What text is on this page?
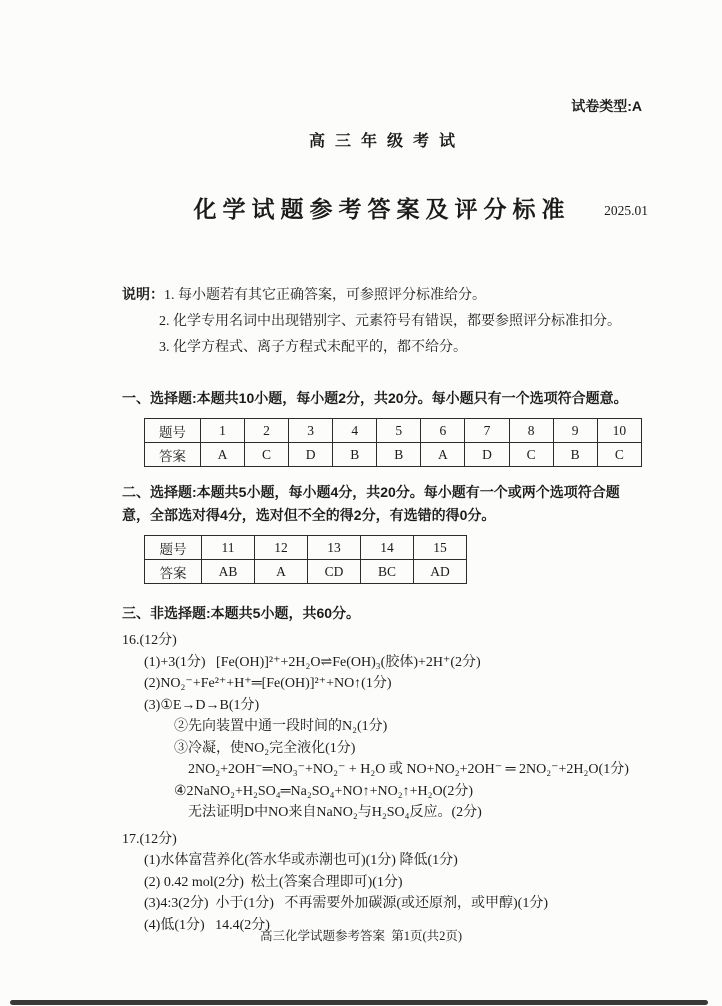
试卷类型:A
高三年级考试
化学试题参考答案及评分标准 2025.01
说明：1. 每小题若有其它正确答案，可参照评分标准给分。
2. 化学专用名词中出现错别字、元素符号有错误，都要参照评分标准扣分。
3. 化学方程式、离子方程式未配平的，都不给分。
一、选择题:本题共10小题，每小题2分，共20分。每小题只有一个选项符合题意。
题号	1	2	3	4	5	6	7	8	9	10
答案	A	C	D	B	B	A	D	C	B	C
二、选择题:本题共5小题，每小题4分，共20分。每小题有一个或两个选项符合题意，全部选对得4分，选对但不全的得2分，有选错的得0分。
题号	11	12	13	14	15
答案	AB	A	CD	BC	AD
三、非选择题:本题共5小题，共60分。
16.(12分)
(1)+3(1分)   [Fe(OH)]²⁺+2H₂O⇌Fe(OH)₃(胶体)+2H⁺(2分)
(2)NO₂⁻+Fe²⁺+H⁺═[Fe(OH)]²⁺+NO↑(1分)
(3)①E→D→B(1分)
②先向装置中通一段时间的N₂(1分)
③冷凝，使NO₂完全液化(1分)
2NO₂+2OH⁻═NO₃⁻+NO₂⁻ + H₂O 或 NO+NO₂+2OH⁻ ═ 2NO₂⁻+2H₂O(1分)
④2NaNO₂+H₂SO₄═Na₂SO₄+NO↑+NO₂↑+H₂O(2分)
无法证明D中NO来自NaNO₂与H₂SO₄反应。(2分)
17.(12分)
(1)水体富营养化(答水华或赤潮也可)(1分) 降低(1分)
(2) 0.42 mol(2分)  松土(答案合理即可)(1分)
(3)4:3(2分)  小于(1分)   不再需要外加碳源(或还原剂，或甲醇)(1分)
(4)低(1分)   14.4(2分)
高三化学试题参考答案  第1页(共2页)
